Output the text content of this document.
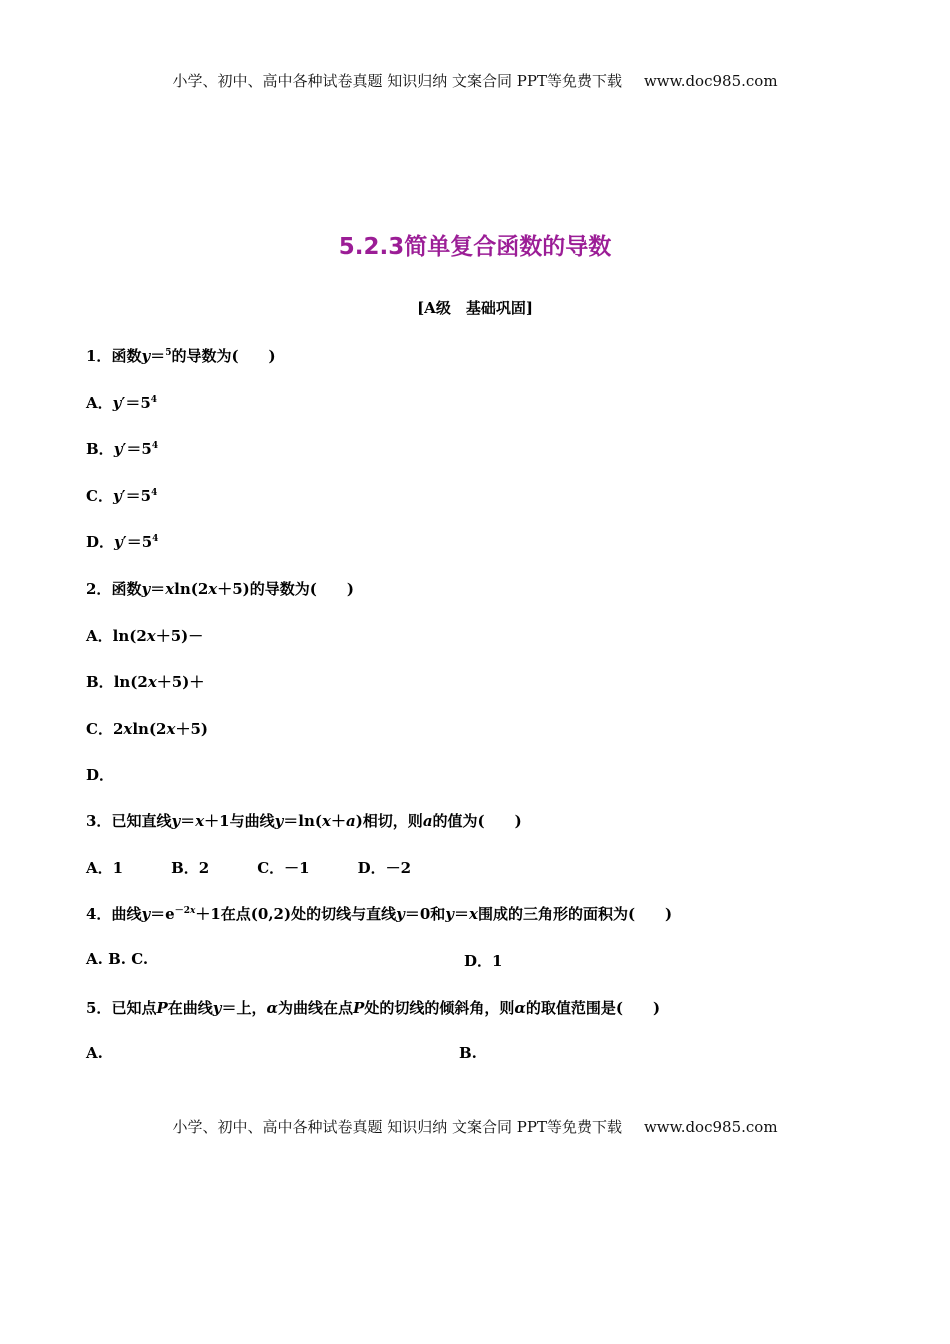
小学、初中、高中各种试卷真题 知识归纳 文案合同 PPT等免费下载 www.doc985.com
5.2.3简单复合函数的导数
[A级　基础巩固]
1．函数y＝$^5$的导数为(　　)
A．$y'=5^4$
B．$y'=5^4$
C．$y'=5^4$
D．$y'=5^4$
2．函数y＝xln(2x＋5)的导数为(　　)
A．ln(2x＋5)－
B．ln(2x＋5)＋
C．2xln(2x＋5)
D．
3．已知直线y＝x＋1与曲线y＝ln(x＋a)相切，则a的值为(　　)
A．1	B．2	C．－1	D．－2
4．曲线$y=e^{-2x}+1$在点(0,2)处的切线与直线y＝0和y＝x围成的三角形的面积为(　　)
A. B. C.	D．1
5．已知点P在曲线y＝上，α为曲线在点P处的切线的倾斜角，则α的取值范围是(　　)
A.	B.
小学、初中、高中各种试卷真题 知识归纳 文案合同 PPT等免费下载 www.doc985.com
